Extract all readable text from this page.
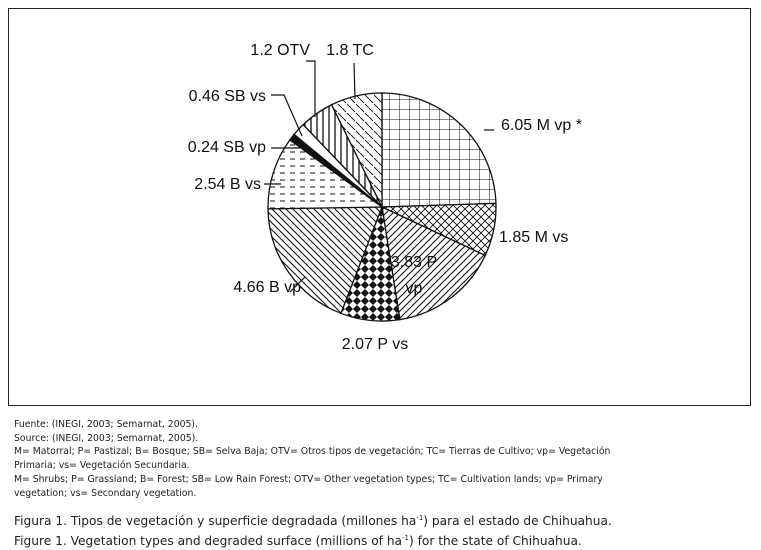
6.05 M vp *
1.85 M vs
3.83 P vp
2.07 P vs
4.66 B vp
2.54 B vs
0.24 SB vp
0.46 SB vs
1.2 OTV 1.8 TC
Fuente: (INEGI, 2003; Semarnat, 2005).
Source: (INEGI, 2003; Semarnat, 2005).
M= Matorral; P= Pastizal; B= Bosque; SB= Selva Baja; OTV= Otros tipos de vegetación; TC= Tierras de Cultivo; vp= Vegetación
Primaria; vs= Vegetación Secundaria.
M= Shrubs; P= Grassland; B= Forest; SB= Low Rain Forest; OTV= Other vegetation types; TC= Cultivation lands; vp= Primary
vegetation; vs= Secondary vegetation.
Figura 1. Tipos de vegetación y superficie degradada (millones $ha^{-1}$) para el estado de Chihuahua.
Figure 1. Vegetation types and degraded surface (millions of $ha^{-1}$) for the state of Chihuahua.
